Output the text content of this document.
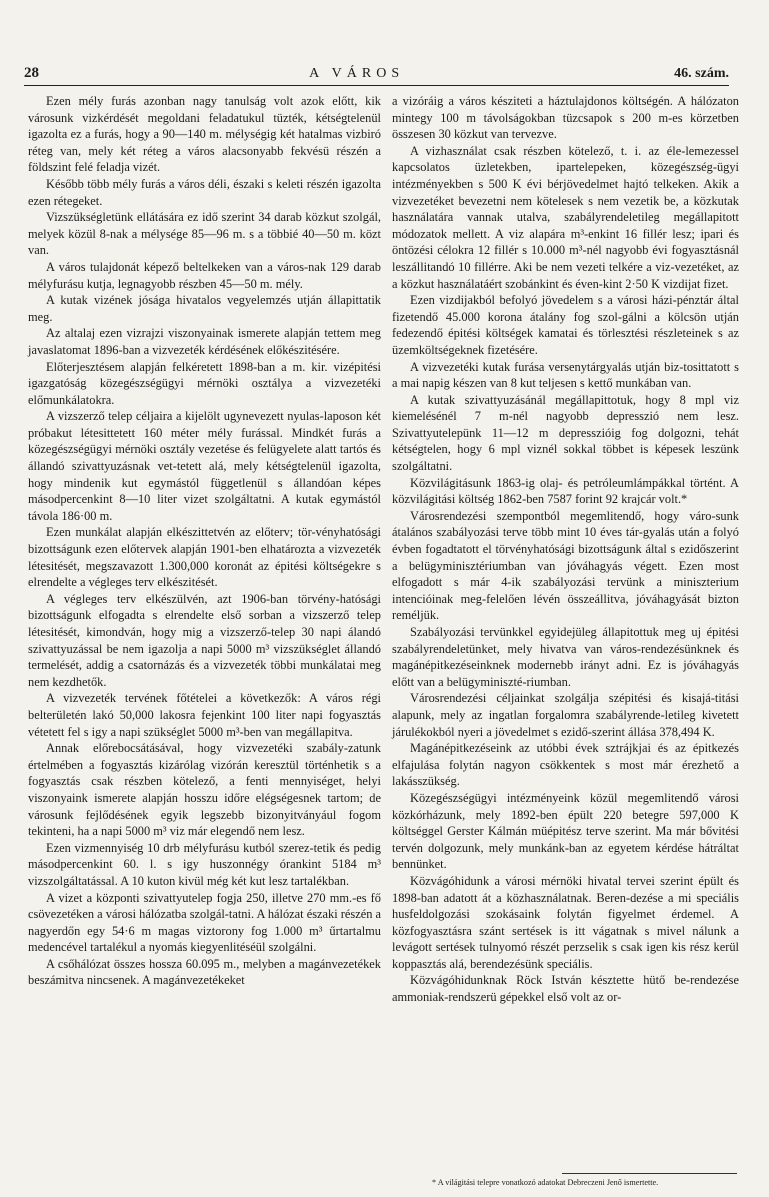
28	A VÁROS	46. szám.

Ezen mély furás azonban nagy tanulság volt azok előtt, kik városunk vizkérdését megoldani feladatukul tüzték, kétségtelenül igazolta ez a furás, hogy a 90—140 m. mélységig két hatalmas vizbiró réteg van, mely két réteg a város alacsonyabb fekvésü részén a földszint felé feladja vizét.

Később több mély furás a város déli, északi s keleti részén igazolta ezen rétegeket.

Vizszükségletünk ellátására ez idő szerint 34 darab közkut szolgál, melyek közül 8-nak a mélysége 85—96 m. s a többié 40—50 m. közt van.

A város tulajdonát képező beltelkeken van a város-nak 129 darab mélyfurásu kutja, legnagyobb részben 45—50 m. mély.

A kutak vizének jósága hivatalos vegyelemzés utján állapittatik meg.

Az altalaj ezen vizrajzi viszonyainak ismerete alapján tettem meg javaslatomat 1896-ban a vizvezeték kérdésének előkészitésére.

Előterjesztésem alapján felkéretett 1898-ban a m. kir. vizépitési igazgatóság közegészségügyi mérnöki osztálya a vizvezetéki előmunkálatokra.

A vizszerző telep céljaira a kijelölt ugynevezett nyulas-laposon két próbakut létesittetett 160 méter mély furással. Mindkét furás a közegészségügyi mérnöki osztály vezetése és felügyelete alatt tartós és állandó szivattyuzásnak vet-tetett alá, mely kétségtelenül igazolta, hogy mindenik kut egymástól függetlenül s állandóan képes másodpercenkint 8—10 liter vizet szolgáltatni. A kutak egymástól távola 186·00 m.

Ezen munkálat alapján elkészittetvén az előterv; tör-vényhatósági bizottságunk ezen előtervek alapján 1901-ben elhatározta a vizvezeték létesitését, megszavazott 1.300,000 koronát az épitési költségekre s elrendelte a végleges terv elkészitését.

A végleges terv elkészülvén, azt 1906-ban törvény-hatósági bizottságunk elfogadta s elrendelte első sorban a vizszerző telep létesitését, kimondván, hogy mig a vizszerző-telep 30 napi álandó szivattyuzással be nem igazolja a napi 5000 m³ vizszükséglet állandó termelését, addig a csatornázás és a vizvezeték többi munkálatai meg nem kezdhetők.

A vizvezeték tervének főtételei a következők: A város régi belterületén lakó 50,000 lakosra fejenkint 100 liter napi fogyasztás vétetett fel s igy a napi szükséglet 5000 m³-ben van megállapitva.

Annak előrebocsátásával, hogy vizvezetéki szabály-zatunk értelmében a fogyasztás kizárólag vizórán keresztül történhetik s a fogyasztás csak részben kötelező, a fenti mennyiséget, helyi viszonyaink ismerete alapján hosszu időre elégségesnek tartom; de városunk fejlődésének egyik legszebb bizonyitványául fogom tekinteni, ha a napi 5000 m³ viz már elegendő nem lesz.

Ezen vizmennyiség 10 drb mélyfurásu kutból szerez-tetik és pedig másodpercenkint 60. l. s igy huszonnégy órankint 5184 m³ vizszolgáltatással. A 10 kuton kivül még két kut lesz tartalékban.

A vizet a központi szivattyutelep fogja 250, illetve 270 mm.-es fő csövezetéken a városi hálózatba szolgál-tatni. A hálózat északi részén a nagyerdőn egy 54·6 m magas viztorony fog 1.000 m³ űrtartalmu medencével tartalékul a nyomás kiegyenlitéséül szolgálni.

A csőhálózat összes hossza 60.095 m., melyben a magánvezetékek beszámitva nincsenek. A magánvezetékeket

a vizóráig a város késziteti a háztulajdonos költségén. A hálózaton mintegy 100 m távolságokban tüzcsapok s 200 m-es körzetben összesen 30 közkut van tervezve.

A vizhasználat csak részben kötelező, t. i. az éle-lemezessel kapcsolatos üzletekben, ipartelepeken, közegészség-ügyi intézményekben s 500 K évi bérjövedelmet hajtó telkeken. Akik a vizvezetéket bevezetni nem kötelesek s nem vezetik be, a közkutak használatára vannak utalva, szabályrendeletileg megállapitott módozatok mellett. A viz alapára m³-enkint 16 fillér lesz; ipari és öntözési célokra 12 fillér s 10.000 m³-nél nagyobb évi fogyasztásnál leszállitandó 10 fillérre. Aki be nem vezeti telkére a viz-vezetéket, az a közkut használatáért szobánkint és éven-kint 2·50 K vizdijat fizet.

Ezen vizdijakból befolyó jövedelem s a városi házi-pénztár által fizetendő 45.000 korona átalány fog szol-gálni a kölcsön utján fedezendő épitési költségek kamatai és törlesztési részleteinek s az üzemköltségeknek fizetésére.

A vizvezetéki kutak furása versenytárgyalás utján biz-tosittatott s a mai napig készen van 8 kut teljesen s kettő munkában van.

A kutak szivattyuzásánál megállapittotuk, hogy 8 mpl viz kiemelésénél 7 m-nél nagyobb depresszió nem lesz. Szivattyutelepünk 11—12 m depresszióig fog dolgozni, tehát kétségtelen, hogy 6 mpl viznél sokkal többet is képesek leszünk szolgáltatni.

Közvilágitásunk 1863-ig olaj- és petróleumlámpákkal történt. A közvilágitási költség 1862-ben 7587 forint 92 krajcár volt.*

Városrendezési szempontból megemlitendő, hogy váro-sunk átalános szabályozási terve több mint 10 éves tár-gyalás után a folyó évben fogadtatott el törvényhatósági bizottságunk által s ezidőszerint a belügyminisztériumban van jóváhagyás végett. Ezen most elfogadott s már 4-ik szabályozási tervünk a miniszterium intencióinak meg-felelően lévén összeállitva, jóváhagyását bizton reméljük.

Szabályozási tervünkkel egyidejüleg állapitottuk meg uj épitési szabályrendeletünket, mely hivatva van város-rendezésünknek és magánépitkezéseinknek modernebb irányt adni. Ez is jóváhagyás előtt van a belügyminiszté-riumban.

Városrendezési céljainkat szolgálja szépitési és kisajá-titási alapunk, mely az ingatlan forgalomra szabályrende-letileg kivetett járulékokból nyeri a jövedelmet s ezidő-szerint állása 378,494 K.

Magánépitkezéseink az utóbbi évek sztrájkjai és az épitkezés elfajulása folytán nagyon csökkentek s most már érezhető a lakásszükség.

Közegészségügyi intézményeink közül megemlitendő városi közkórházunk, mely 1892-ben épült 220 betegre 597,000 K költséggel Gerster Kálmán müépitész terve szerint. Ma már bővitési tervén dolgozunk, mely munkánk-ban az egyetem kérdése hátráltat bennünket.

Közvágóhidunk a városi mérnöki hivatal tervei szerint épült és 1898-ban adatott át a közhasználatnak. Beren-dezése a mi speciális husfeldolgozási szokásaink folytán figyelmet érdemel. A közfogyasztásra szánt sertések is itt vágatnak s mivel nálunk a levágott sertések tulnyomó részét perzselik s csak igen kis rész kerül koppasztás alá, berendezésünk speciális.

Közvágóhidunknak Röck István késztette hütő be-rendezése ammoniak-rendszerü gépekkel első volt az or-

* A világitási telepre vonatkozó adatokat Debreczeni Jenő ismertette.
